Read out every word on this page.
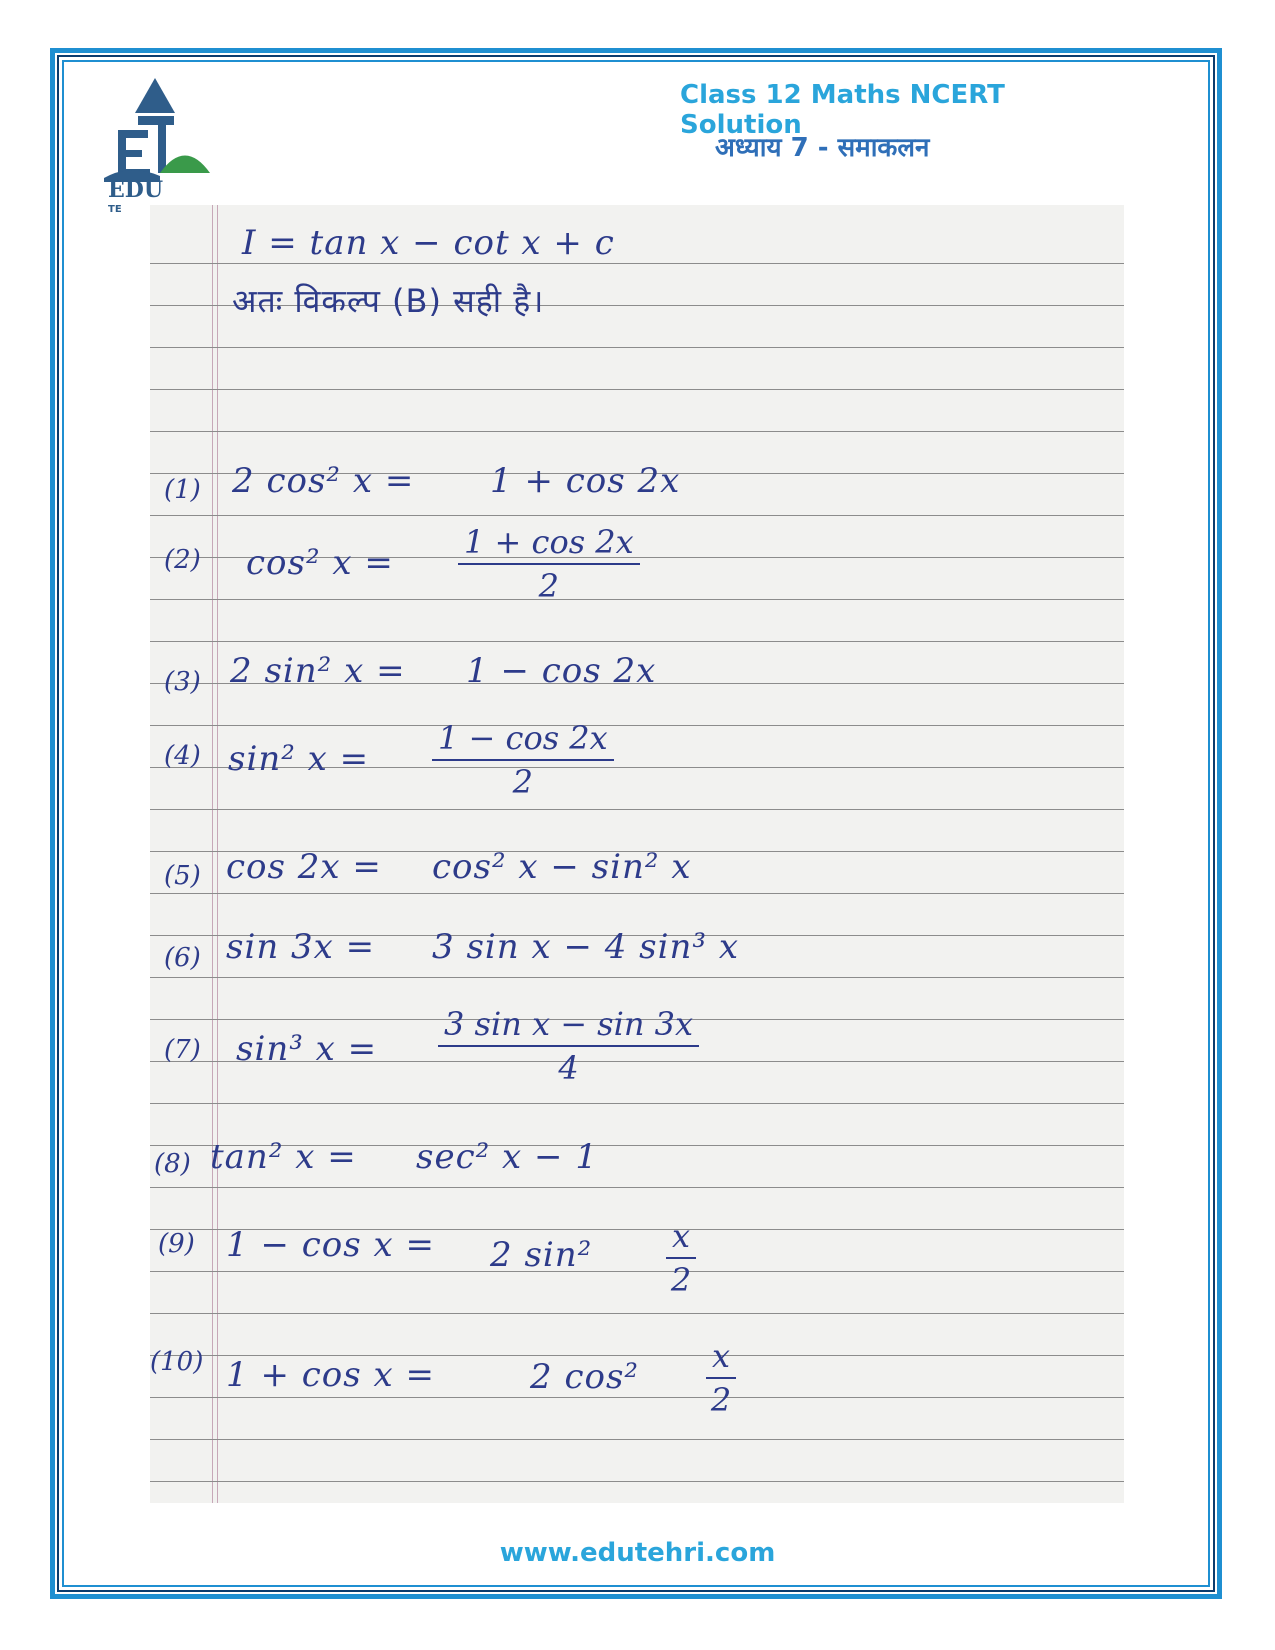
EDU
TE
Class 12 Maths NCERT Solution
अध्याय 7 - समाकलन
I = tan x − cot x + c
अतः विकल्प (B) सही है।
(1) 2 cos² x = 1 + cos 2x
(2) cos² $x = \frac{1 + \cos 2x}{2}$
(3) 2 sin² x = 1 − cos 2x
(4) sin² $x = \frac{1 - \cos 2x}{2}$
(5) cos 2x = cos² x − sin² x
(6) sin 3x = 3 sin x − 4 sin³ x
(7) sin³ $x = \frac{\text{3 sin x − sin 3x}}{4}$
(8) tan² x = sec² x − 1
(9) 1 − cos x = 2 $\sin^2 \frac{x}{2}$
(10) 1 + cos x =	2 $\cos^2 \frac{x}{2}$
www.edutehri.com
